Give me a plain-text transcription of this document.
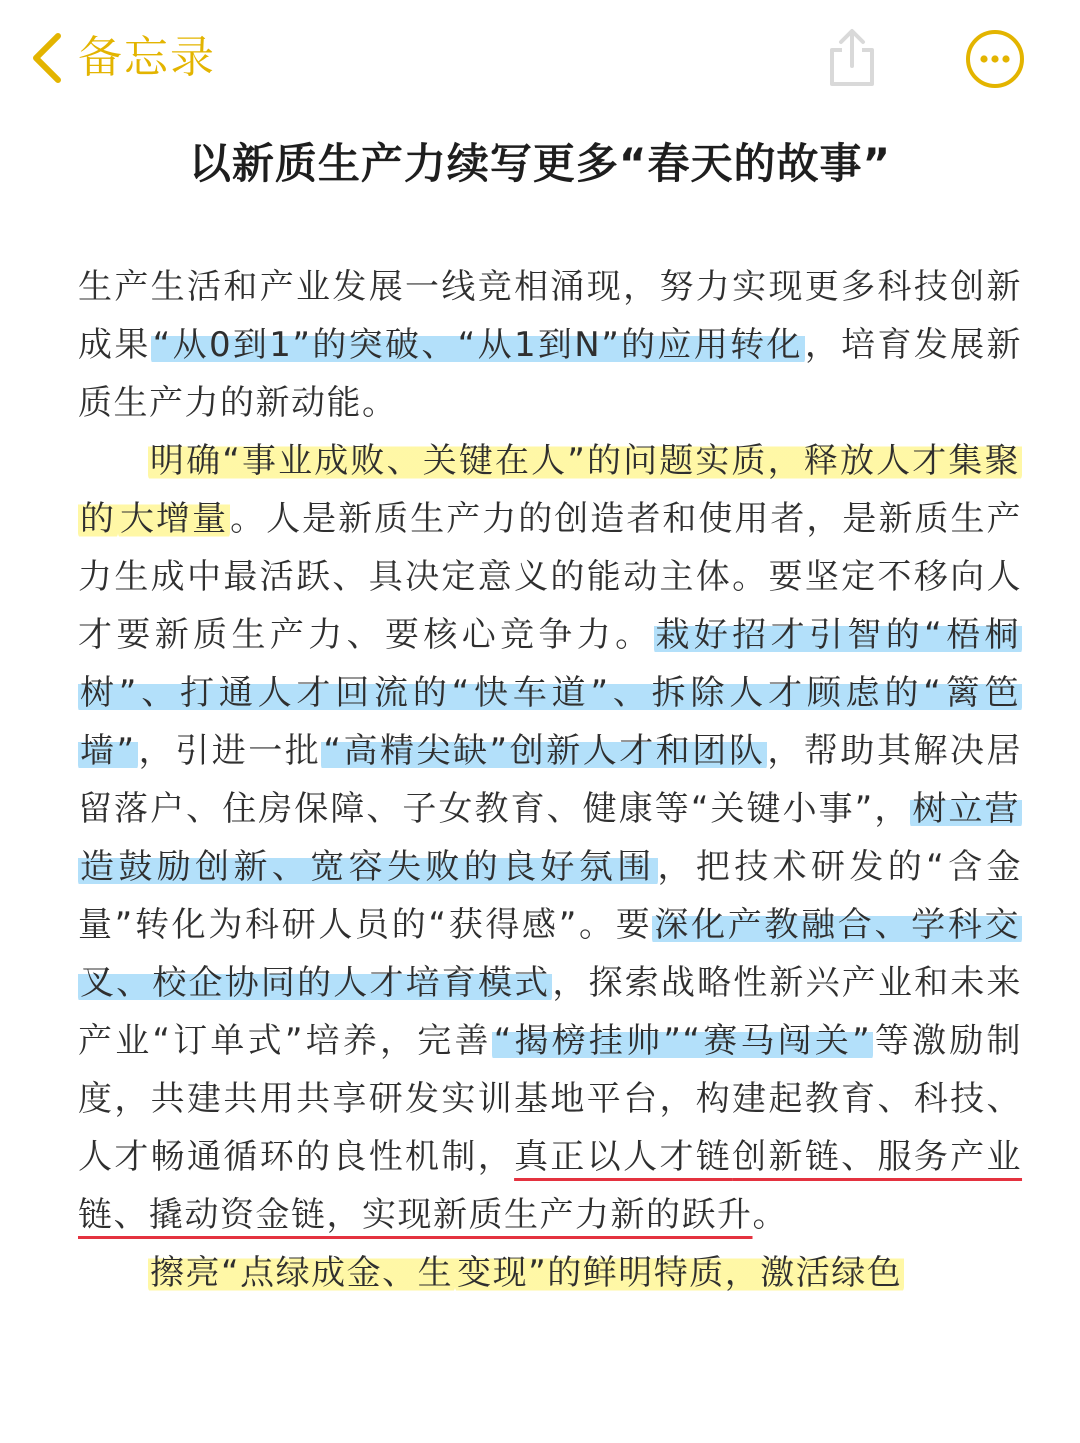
备忘录
以新质生产力续写更多“春天的故事”

生产生活和产业发展一线竞相涌现，努力实现更多科技创新成果“从0到1”的突破、“从1到N”的应用转化，培育发展新质生产力的新动能。

明确“事业成败、关键在人”的问题实质，释放人才集聚的 大增量。人是新质生产力的创造者和使用者，是新质生产力生成中最活跃、具决定意义的能动主体。要坚定不移向人才要新质生产力、要核心竞争力。栽好招才引智的“梧桐树”、打通人才回流的“快车道”、拆除人才顾虑的“篱笆墙”，引进一批“高精尖缺”创新人才和团队，帮助其解决居留落户、住房保障、子女教育、健康等“关键小事”，树立营造鼓励创新、宽容失败的良好氛围，把技术研发的“含金量”转化为科研人员的“获得感”。要深化产教融合、学科交叉、校企协同的人才培育模式，探索战略性新兴产业和未来产业“订单式”培养，完善“揭榜挂帅”“赛马闯关”等激励制度，共建共用共享研发实训基地平台，构建起教育、科技、人才畅通循环的良性机制，真正以人才链创新链、服务产业链、撬动资金链，实现新质生产力新的跃升。

擦亮“点绿成金、生 变现”的鲜明特质，激活绿色
